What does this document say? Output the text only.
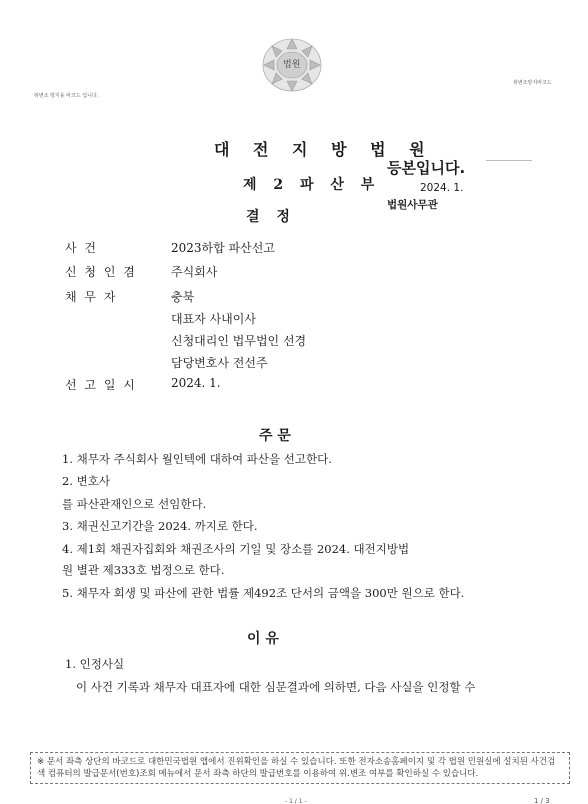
위변조 방지용 바코드 입니다.
위변조방지바코드
법원
대 전 지 방 법 원
제 2 파 산 부
결 정
등본입니다.
2024. 1.
법원사무관
사 건	2023하합 파산선고
신 청 인 겸	주식회사
채 무 자	충북
대표자 사내이사
신청대리인 법무법인 선경
담당변호사 전선주
선 고 일 시	2024. 1.
주 문
1. 채무자 주식회사 월인텍에 대하여 파산을 선고한다.
2. 변호사
를 파산관재인으로 선임한다.
3. 채권신고기간을 2024. 까지로 한다.
4. 제1회 채권자집회와 채권조사의 기일 및 장소를 2024. 대전지방법
원 별관 제333호 법정으로 한다.
5. 채무자 회생 및 파산에 관한 법률 제492조 단서의 금액을 300만 원으로 한다.
이 유
1. 인정사실
이 사건 기록과 채무자 대표자에 대한 심문결과에 의하면, 다음 사실을 인정할 수
※ 문서 좌측 상단의 바코드로 대한민국법원 앱에서 진위확인을 하실 수 있습니다. 또한 전자소송홈페이지 및 각 법원 민원실에 설치된 사건검색 컴퓨터의 발급문서(번호)조회 메뉴에서 문서 좌측 하단의 발급번호를 이용하여 위.변조 여부를 확인하실 수 있습니다.
- 1 / 1 -	1 / 3
